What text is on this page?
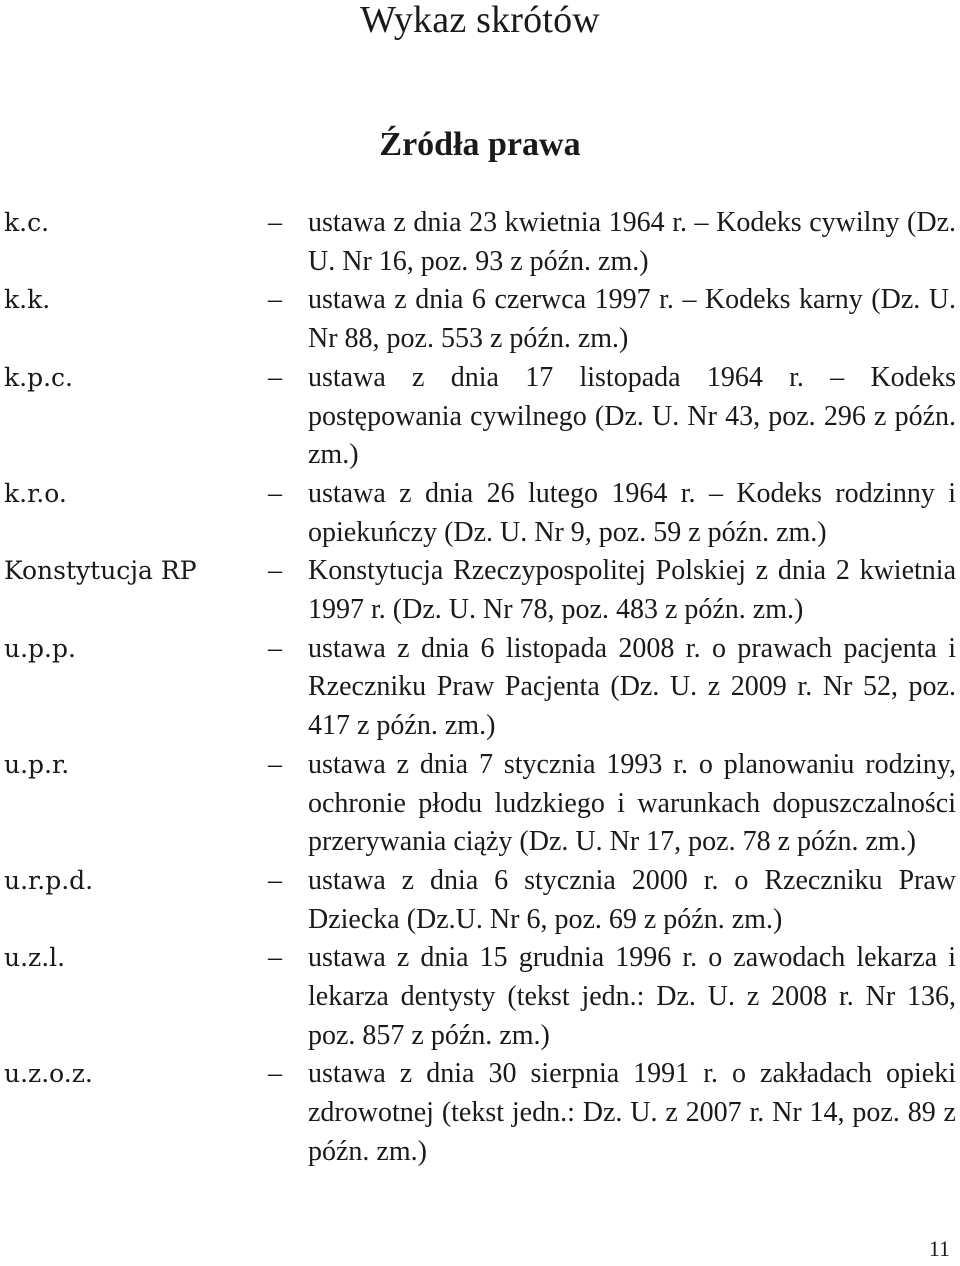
Wykaz skrótów
Źródła prawa
k.c.	– ustawa z dnia 23 kwietnia 1964 r. – Kodeks cywilny (Dz. U. Nr 16, poz. 93 z późn. zm.)
k.k.	– ustawa z dnia 6 czerwca 1997 r. – Kodeks karny (Dz. U. Nr 88, poz. 553 z późn. zm.)
k.p.c.	– ustawa z dnia 17 listopada 1964 r. – Kodeks postępowania cywilnego (Dz. U. Nr 43, poz. 296 z późn. zm.)
k.r.o.	– ustawa z dnia 26 lutego 1964 r. – Kodeks rodzinny i opiekuńczy (Dz. U. Nr 9, poz. 59 z późn. zm.)
Konstytucja RP	– Konstytucja Rzeczypospolitej Polskiej z dnia 2 kwietnia 1997 r. (Dz. U. Nr 78, poz. 483 z późn. zm.)
u.p.p.	– ustawa z dnia 6 listopada 2008 r. o prawach pacjenta i Rzeczniku Praw Pacjenta (Dz. U. z 2009 r. Nr 52, poz. 417 z późn. zm.)
u.p.r.	– ustawa z dnia 7 stycznia 1993 r. o planowaniu rodziny, ochronie płodu ludzkiego i warunkach dopuszczalności przerywania ciąży (Dz. U. Nr 17, poz. 78 z późn. zm.)
u.r.p.d.	– ustawa z dnia 6 stycznia 2000 r. o Rzeczniku Praw Dziecka (Dz.U. Nr 6, poz. 69 z późn. zm.)
u.z.l.	– ustawa z dnia 15 grudnia 1996 r. o zawodach lekarza i lekarza dentysty (tekst jedn.: Dz. U. z 2008 r. Nr 136, poz. 857 z późn. zm.)
u.z.o.z.	– ustawa z dnia 30 sierpnia 1991 r. o zakładach opieki zdrowotnej (tekst jedn.: Dz. U. z 2007 r. Nr 14, poz. 89 z późn. zm.)
11
